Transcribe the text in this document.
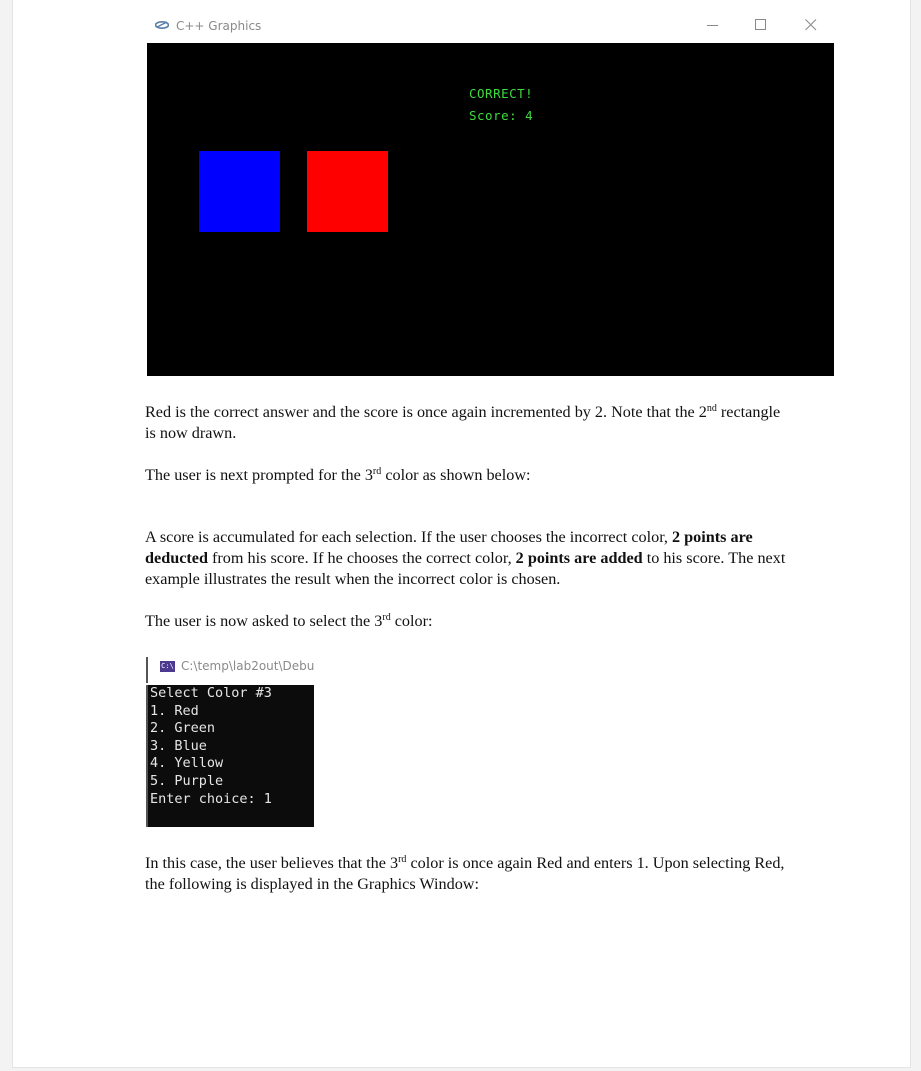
C++ Graphics
CORRECT!
Score: 4

Red is the correct answer and the score is once again incremented by 2. Note that the 2nd rectangle is now drawn.

The user is next prompted for the 3rd color as shown below:

A score is accumulated for each selection. If the user chooses the incorrect color, 2 points are deducted from his score. If he chooses the correct color, 2 points are added to his score. The next example illustrates the result when the incorrect color is chosen.

The user is now asked to select the 3rd color:

C:\ C:\temp\lab2out\Debu
Select Color #3
1. Red
2. Green
3. Blue
4. Yellow
5. Purple
Enter choice: 1

In this case, the user believes that the 3rd color is once again Red and enters 1. Upon selecting Red, the following is displayed in the Graphics Window:
